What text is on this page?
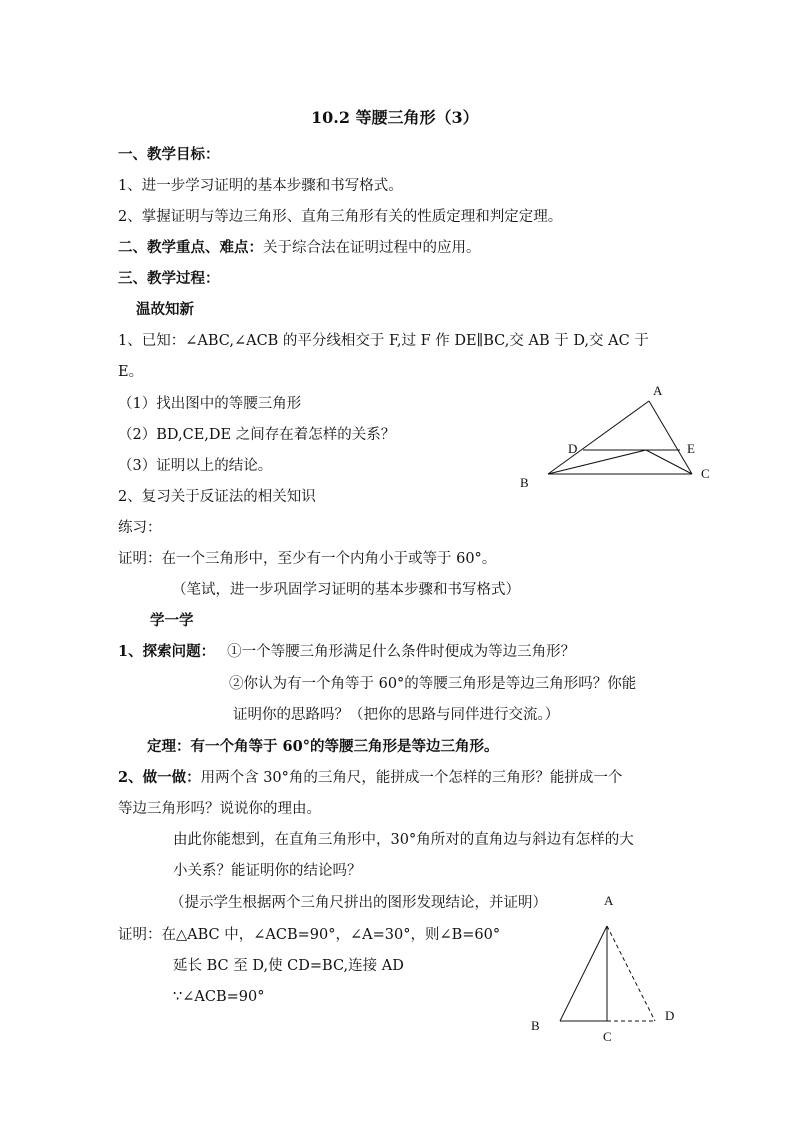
10.2 等腰三角形（3）
一、教学目标：
1、进一步学习证明的基本步骤和书写格式。
2、掌握证明与等边三角形、直角三角形有关的性质定理和判定定理。
二、教学重点、难点：关于综合法在证明过程中的应用。
三、教学过程：
温故知新
1、已知：∠ABC,∠ACB 的平分线相交于 F,过 F 作 DE∥BC,交 AB 于 D,交 AC 于
E。
（1）找出图中的等腰三角形
（2）BD,CE,DE 之间存在着怎样的关系？
（3）证明以上的结论。
2、复习关于反证法的相关知识
练习：
证明：在一个三角形中，至少有一个内角小于或等于 60°。
（笔试，进一步巩固学习证明的基本步骤和书写格式）
学一学
1、探索问题： ①一个等腰三角形满足什么条件时便成为等边三角形？
②你认为有一个角等于 60°的等腰三角形是等边三角形吗？你能
证明你的思路吗？（把你的思路与同伴进行交流。）
定理：有一个角等于 60°的等腰三角形是等边三角形。
2、做一做：用两个含 30°角的三角尺，能拼成一个怎样的三角形？能拼成一个
等边三角形吗？说说你的理由。
由此你能想到，在直角三角形中，30°角所对的直角边与斜边有怎样的大
小关系？能证明你的结论吗？
（提示学生根据两个三角尺拼出的图形发现结论，并证明）
证明：在△ABC 中，∠ACB=90°，∠A=30°，则∠B=60°
延长 BC 至 D,使 CD=BC,连接 AD
∵∠ACB=90°
A
D	E
B
C
A
B
C
D
